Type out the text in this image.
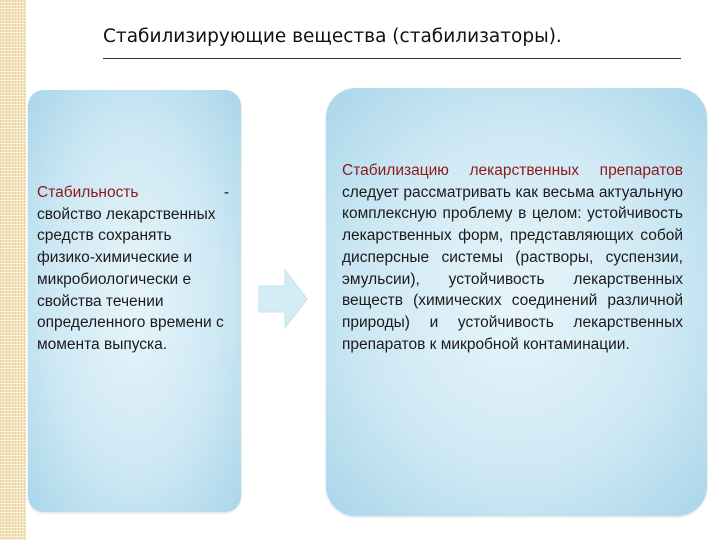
Стабилизирующие вещества (стабилизаторы).
Стабильность	-
свойство лекарственных средств сохранять физико-химические и микробиологически е свойства течении определенного времени с момента выпуска.
Стабилизацию лекарственных препаратов следует рассматривать как весьма актуальную комплексную проблему в целом: устойчивость лекарственных форм, представляющих собой дисперсные системы (растворы, суспензии, эмульсии), устойчивость лекарственных веществ (химических соединений различной природы) и устойчивость лекарственных препаратов к микробной контаминации.
